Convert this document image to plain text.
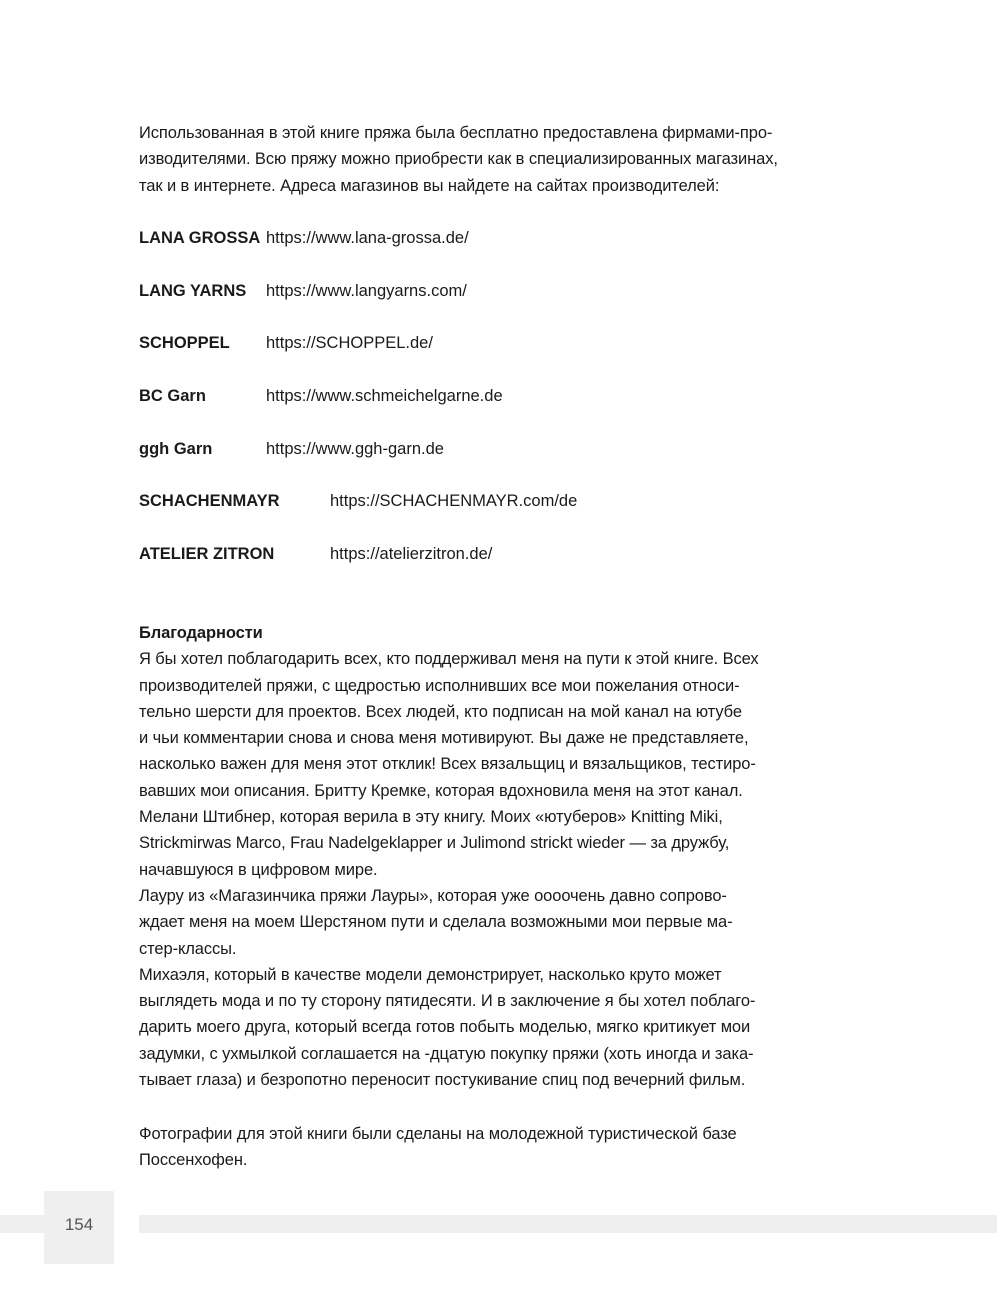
Использованная в этой книге пряжа была бесплатно предоставлена фирмами-про-
изводителями. Всю пряжу можно приобрести как в специализированных магазинах,
так и в интернете. Адреса магазинов вы найдете на сайтах производителей:
LANA GROSSA https://www.lana-grossa.de/
LANG YARNS https://www.langyarns.com/
SCHOPPEL https://SCHOPPEL.de/
BC Garn	https://www.schmeichelgarne.de
ggh Garn	https://www.ggh-garn.de
SCHACHENMAYR	https://SCHACHENMAYR.com/de
ATELIER ZITRON	https://atelierzitron.de/
Благодарности
Я бы хотел поблагодарить всех, кто поддерживал меня на пути к этой книге. Всех
производителей пряжи, с щедростью исполнивших все мои пожелания относи-
тельно шерсти для проектов. Всех людей, кто подписан на мой канал на ютубе
и чьи комментарии снова и снова меня мотивируют. Вы даже не представляете,
насколько важен для меня этот отклик! Всех вязальщиц и вязальщиков, тестиро-
вавших мои описания. Бритту Кремке, которая вдохновила меня на этот канал.
Мелани Штибнер, которая верила в эту книгу. Моих «ютуберов» Knitting Miki,
Strickmirwas Marco, Frau Nadelgeklapper и Julimond strickt wieder — за дружбу,
начавшуюся в цифровом мире.
Лауру из «Магазинчика пряжи Лауры», которая уже оооочень давно сопрово-
ждает меня на моем Шерстяном пути и сделала возможными мои первые ма-
стер-классы.
Михаэля, который в качестве модели демонстрирует, насколько круто может
выглядеть мода и по ту сторону пятидесяти. И в заключение я бы хотел поблаго-
дарить моего друга, который всегда готов побыть моделью, мягко критикует мои
задумки, с ухмылкой соглашается на -дцатую покупку пряжи (хоть иногда и зака-
тывает глаза) и безропотно переносит постукивание спиц под вечерний фильм.
Фотографии для этой книги были сделаны на молодежной туристической базе
Поссенхофен.
154
